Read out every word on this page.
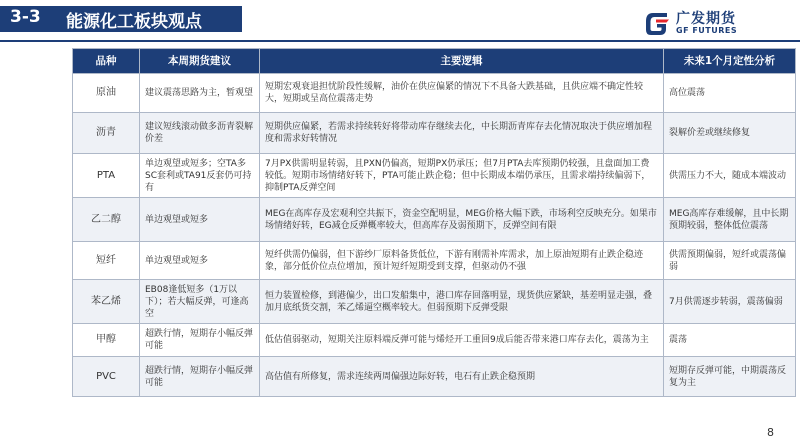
3-3 能源化工板块观点	广发期货
GF FUTURES
品种	本周期货建议	主要逻辑	未来1个月定性分析
原油	建议震荡思路为主，暂观望	短期宏观衰退担忧阶段性缓解，油价在供应偏紧的情况下不具备大跌基础，且供应端不确定性较大，短期或呈高位震荡走势	高位震荡
沥青	建议短线滚动做多沥青裂解价差	短期供应偏紧，若需求持续转好将带动库存继续去化，中长期沥青库存去化情况取决于供应增加程度和需求好转情况	裂解价差或继续修复
PTA	单边观望或短多；空TA多SC套利或TA91反套仍可持有	7月PX供需明显转弱，且PXN仍偏高，短期PX仍承压；但7月PTA去库预期仍较强，且盘面加工费较低。短期市场情绪好转下，PTA可能止跌企稳；但中长期成本端仍承压，且需求端持续偏弱下，抑制PTA反弹空间	供需压力不大，随成本端波动
乙二醇	单边观望或短多	MEG在高库存及宏观利空共振下，资金空配明显，MEG价格大幅下跌，市场利空反映充分。如果市场情绪好转，EG减仓反弹概率较大，但高库存及弱预期下，反弹空间有限	MEG高库存难缓解，且中长期预期较弱，整体低位震荡
短纤	单边观望或短多	短纤供需仍偏弱，但下游纱厂原料备货低位，下游有刚需补库需求，加上原油短期有止跌企稳迹象，部分低价位点位增加，预计短纤短期受到支撑，但驱动仍不强	供需预期偏弱，短纤或震荡偏弱
苯乙烯	EB08逢低短多（1万以下）；若大幅反弹，可逢高空	恒力装置检修，到港偏少，出口发船集中，港口库存回落明显，现货供应紧缺，基差明显走强，叠加月底纸货交割，苯乙烯逼空概率较大。但弱预期下反弹受限	7月供需逐步转弱，震荡偏弱
甲醇	超跌行情，短期存小幅反弹可能	低估值弱驱动，短期关注原料端反弹可能与烯烃开工重回9成后能否带来港口库存去化，震荡为主	震荡
PVC	超跌行情，短期存小幅反弹可能	高估值有所修复，需求连续两周偏强边际好转，电石有止跌企稳预期	短期存反弹可能，中期震荡反复为主
8
